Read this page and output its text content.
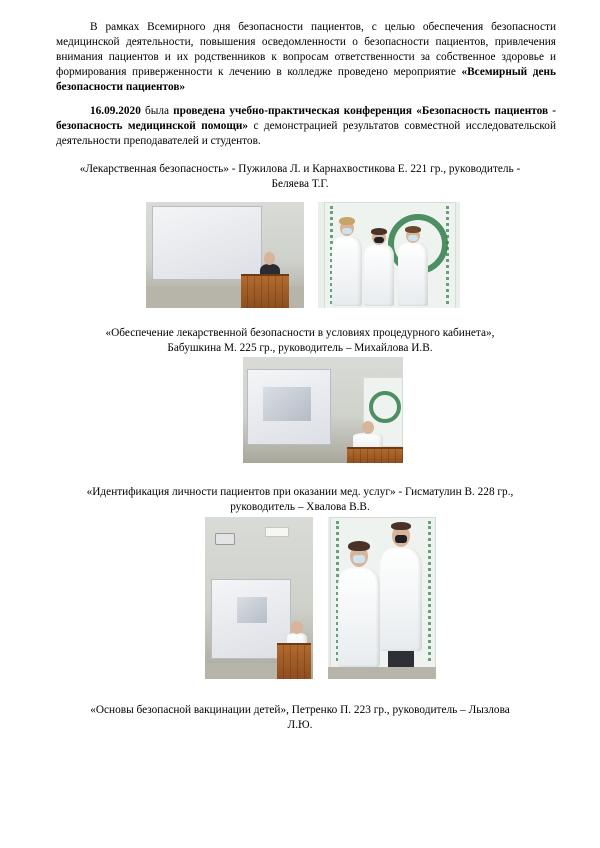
В рамках Всемирного дня безопасности пациентов, с целью обеспечения безопасности медицинской деятельности, повышения осведомленности о безопасности пациентов, привлечения внимания пациентов и их родственников к вопросам ответственности за собственное здоровье и формирования приверженности к лечению в колледже проведено мероприятие «Всемирный день безопасности пациентов»

16.09.2020 была проведена учебно-практическая конференция «Безопасность пациентов - безопасность медицинской помощи» с демонстрацией результатов совместной исследовательской деятельности преподавателей и студентов.

«Лекарственная безопасность» - Пужилова Л. и Карнахвостикова Е. 221 гр., руководитель -
Беляева Т.Г.
«Обеспечение лекарственной безопасности в условиях процедурного кабинета»,
Бабушкина М. 225 гр., руководитель – Михайлова И.В.
«Идентификация личности пациентов при оказании мед. услуг» - Гисматулин В. 228 гр.,
руководитель – Хвалова В.В.
«Основы безопасной вакцинации детей», Петренко П. 223 гр., руководитель – Лызлова
Л.Ю.
